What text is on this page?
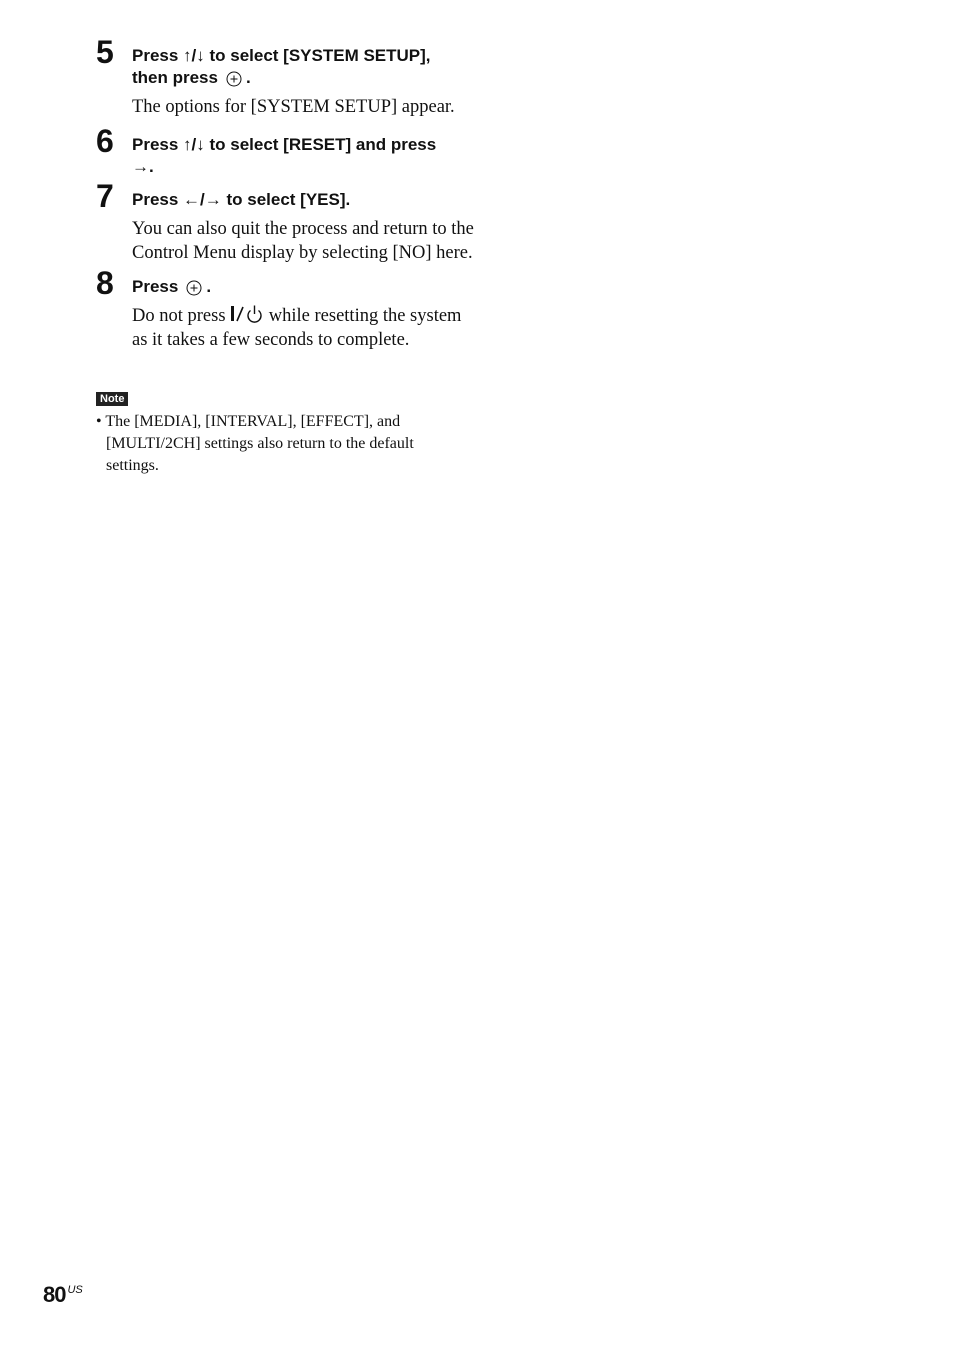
5 Press ↑/↓ to select [SYSTEM SETUP],
then press .

The options for [SYSTEM SETUP] appear.

6 Press ↑/↓ to select [RESET] and press
→.

7 Press ←/→ to select [YES].

You can also quit the process and return to the Control Menu display by selecting [NO] here.

8 Press .

Do not press while resetting the system as it takes a few seconds to complete.

Note

• The [MEDIA], [INTERVAL], [EFFECT], and [MULTI/2CH] settings also return to the default settings.

80 $^{US}$
